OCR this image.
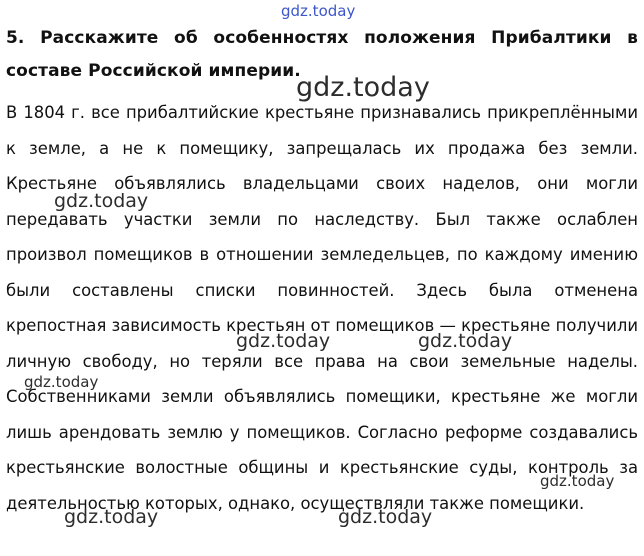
5. Расскажите об особенностях положения Прибалтики в составе Российской империи.
В 1804 г. все прибалтийские крестьяне признавались прикреплёнными к земле, а не к помещику, запрещалась их продажа без земли. Крестьяне объявлялись владельцами своих наделов, они могли передавать участки земли по наследству. Был также ослаблен произвол помещиков в отношении земледельцев, по каждому имению были составлены списки повинностей. Здесь была отменена крепостная зависимость крестьян от помещиков — крестьяне получили личную свободу, но теряли все права на свои земельные наделы. Собственниками земли объявлялись помещики, крестьяне же могли лишь арендовать землю у помещиков. Согласно реформе создавались крестьянские волостные общины и крестьянские суды, контроль за деятельностью которых, однако, осуществляли также помещики.
gdz.today
gdz.today
gdz.today
gdz.today	gdz.today
gdz.today
gdz.today
gdz.today	gdz.today
